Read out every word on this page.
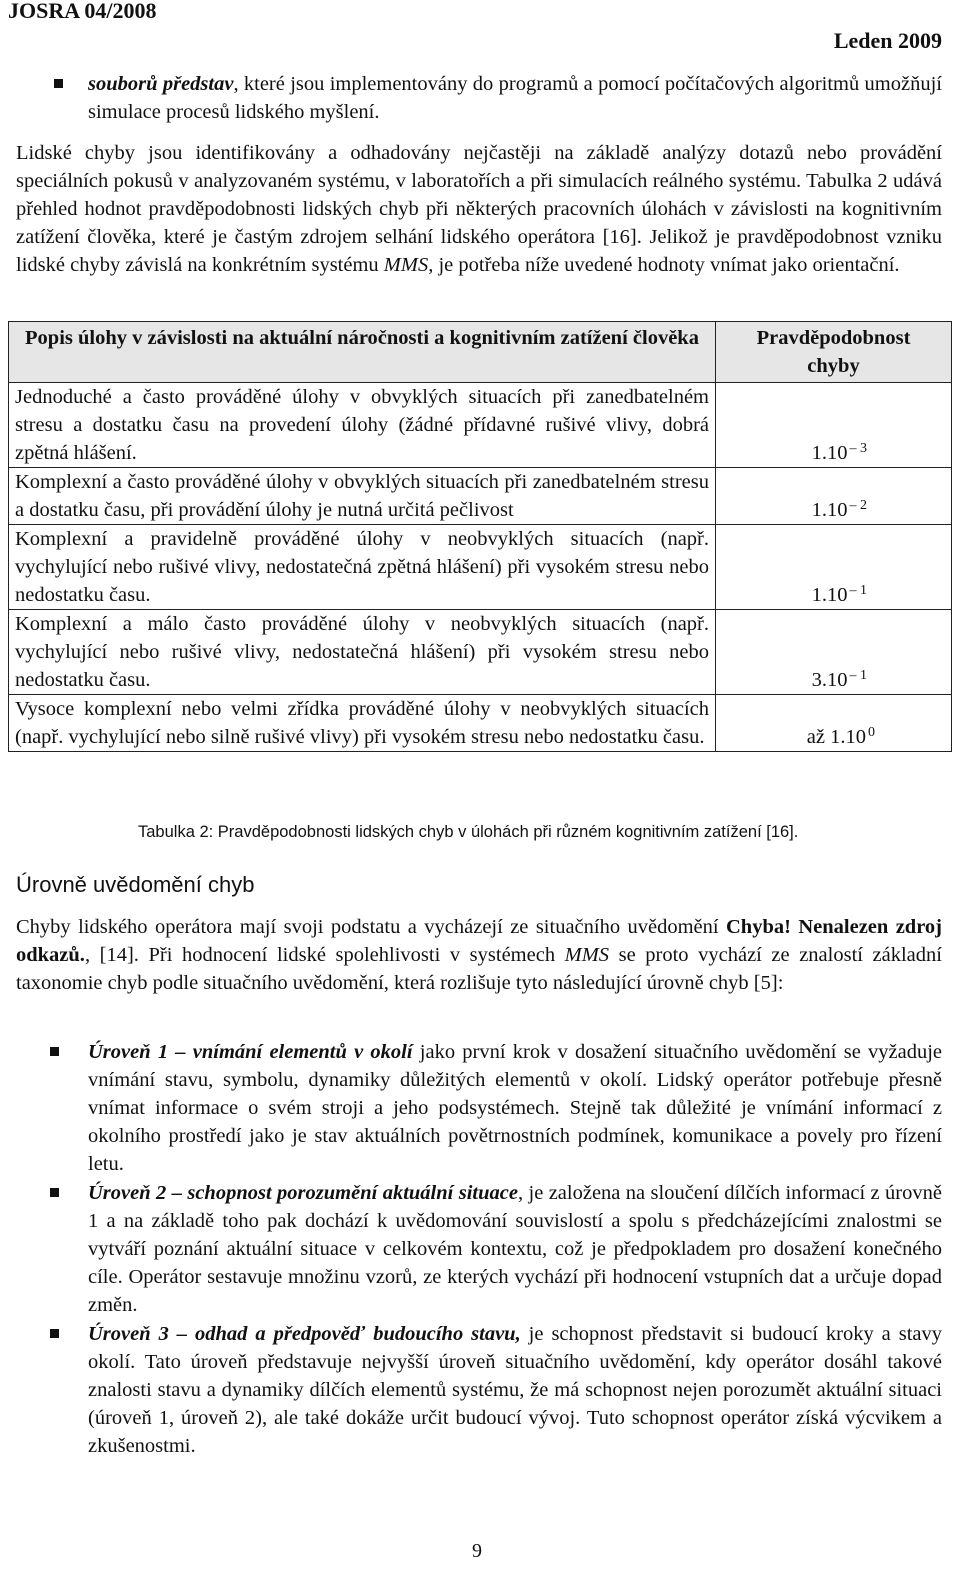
JOSRA 04/2008
Leden 2009

souborů představ, které jsou implementovány do programů a pomocí počítačových algoritmů umožňují simulace procesů lidského myšlení.

Lidské chyby jsou identifikovány a odhadovány nejčastěji na základě analýzy dotazů nebo provádění speciálních pokusů v analyzovaném systému, v laboratořích a při simulacích reálného systému. Tabulka 2 udává přehled hodnot pravděpodobnosti lidských chyb při některých pracovních úlohách v závislosti na kognitivním zatížení člověka, které je častým zdrojem selhání lidského operátora [16]. Jelikož je pravděpodobnost vzniku lidské chyby závislá na konkrétním systému MMS, je potřeba níže uvedené hodnoty vnímat jako orientační.

Popis úlohy v závislosti na aktuální náročnosti a kognitivním zatížení člověka	Pravděpodobnost chyby
Jednoduché a často prováděné úlohy v obvyklých situacích při zanedbatelném stresu a dostatku času na provedení úlohy (žádné přídavné rušivé vlivy, dobrá zpětná hlášení.	1.10 $^{- 3}$
Komplexní a často prováděné úlohy v obvyklých situacích při zanedbatelném stresu a dostatku času, při provádění úlohy je nutná určitá pečlivost	1.10 $^{- 2}$
Komplexní a pravidelně prováděné úlohy v neobvyklých situacích (např. vychylující nebo rušivé vlivy, nedostatečná zpětná hlášení) při vysokém stresu nebo nedostatku času.	1.10 $^{- 1}$
Komplexní a málo často prováděné úlohy v neobvyklých situacích (např. vychylující nebo rušivé vlivy, nedostatečná hlášení) při vysokém stresu nebo nedostatku času.	3.10 $^{- 1}$
Vysoce komplexní nebo velmi zřídka prováděné úlohy v neobvyklých situacích (např. vychylující nebo silně rušivé vlivy) při vysokém stresu nebo nedostatku času.	až 1.10 $^0$
Tabulka 2: Pravděpodobnosti lidských chyb v úlohách při různém kognitivním zatížení [16].
Úrovně uvědomění chyb

Chyby lidského operátora mají svoji podstatu a vycházejí ze situačního uvědomění Chyba! Nenalezen zdroj odkazů., [14]. Při hodnocení lidské spolehlivosti v systémech MMS se proto vychází ze znalostí základní taxonomie chyb podle situačního uvědomění, která rozlišuje tyto následující úrovně chyb [5]:

Úroveň 1 – vnímání elementů v okolí jako první krok v dosažení situačního uvědomění se vyžaduje vnímání stavu, symbolu, dynamiky důležitých elementů v okolí. Lidský operátor potřebuje přesně vnímat informace o svém stroji a jeho podsystémech. Stejně tak důležité je vnímání informací z okolního prostředí jako je stav aktuálních povětrnostních podmínek, komunikace a povely pro řízení letu.

Úroveň 2 – schopnost porozumění aktuální situace, je založena na sloučení dílčích informací z úrovně 1 a na základě toho pak dochází k uvědomování souvislostí a spolu s předcházejícími znalostmi se vytváří poznání aktuální situace v celkovém kontextu, což je předpokladem pro dosažení konečného cíle. Operátor sestavuje množinu vzorů, ze kterých vychází při hodnocení vstupních dat a určuje dopad změn.

Úroveň 3 – odhad a předpověď budoucího stavu, je schopnost představit si budoucí kroky a stavy okolí. Tato úroveň představuje nejvyšší úroveň situačního uvědomění, kdy operátor dosáhl takové znalosti stavu a dynamiky dílčích elementů systému, že má schopnost nejen porozumět aktuální situaci (úroveň 1, úroveň 2), ale také dokáže určit budoucí vývoj. Tuto schopnost operátor získá výcvikem a zkušenostmi.

9
